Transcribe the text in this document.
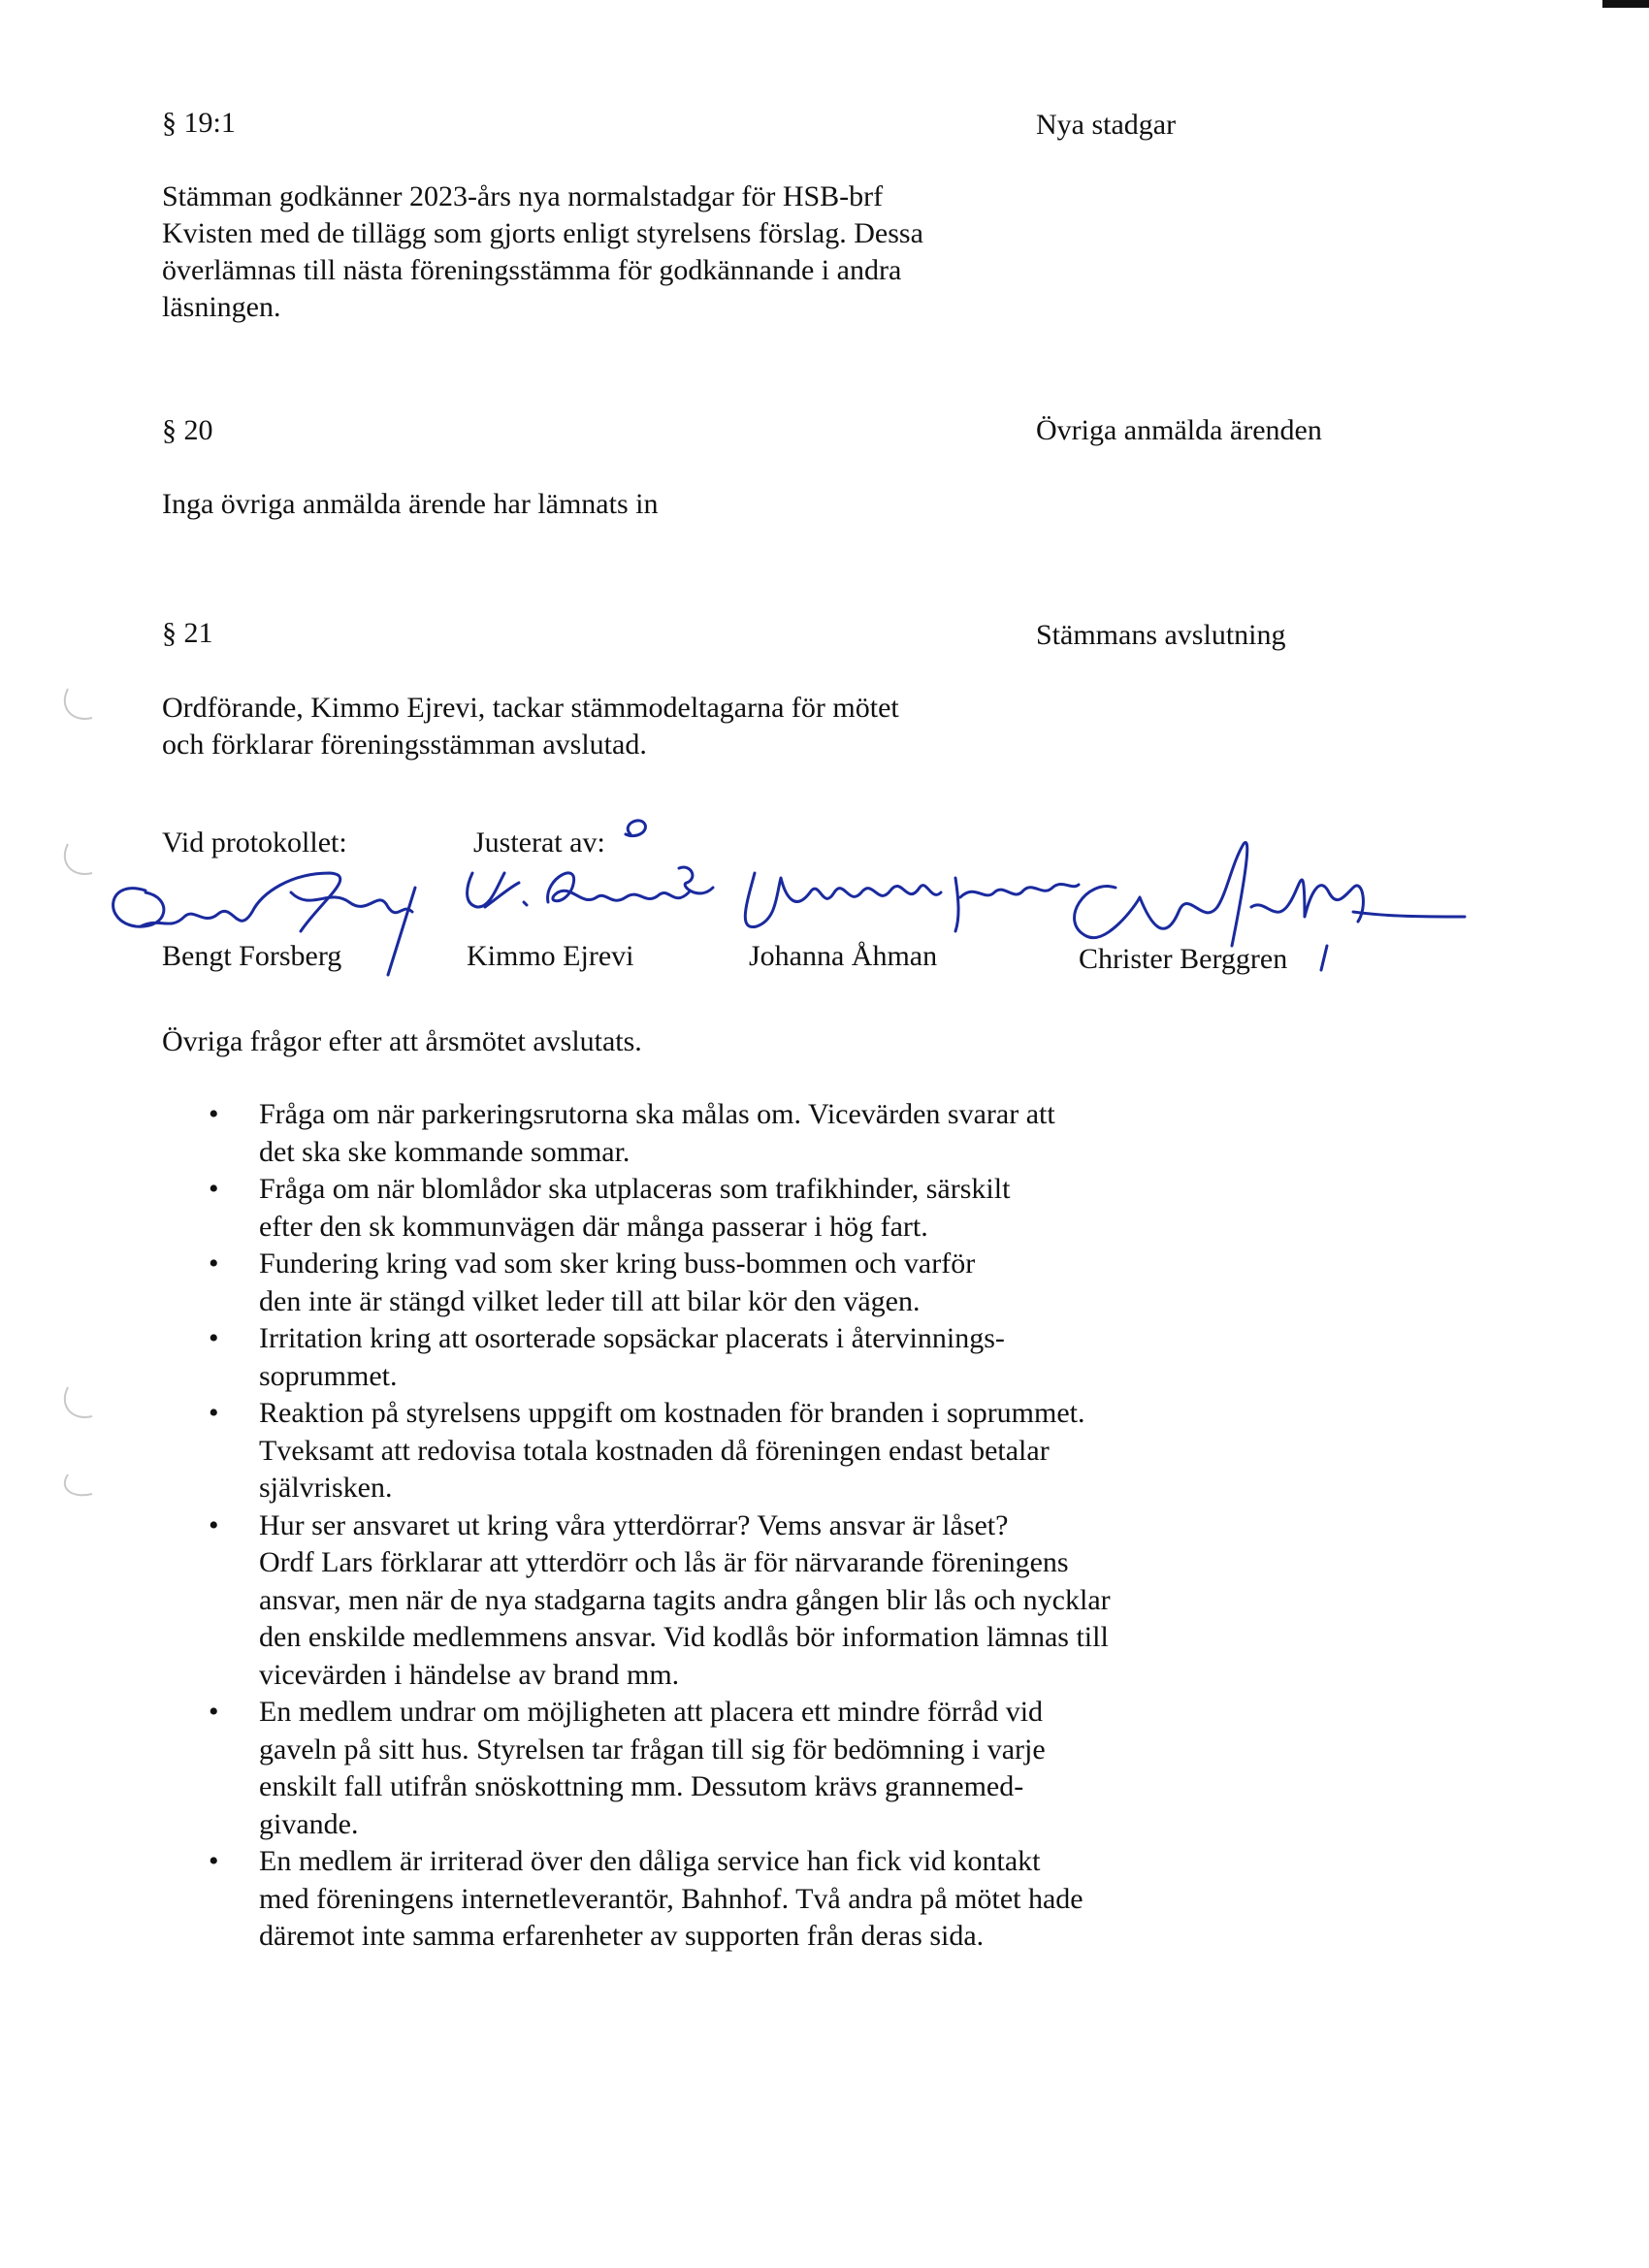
§ 19:1	Nya stadgar
Stämman godkänner 2023-års nya normalstadgar för HSB-brf
Kvisten med de tillägg som gjorts enligt styrelsens förslag. Dessa
överlämnas till nästa föreningsstämma för godkännande i andra
läsningen.
§ 20	Övriga anmälda ärenden
Inga övriga anmälda ärende har lämnats in
§ 21	Stämmans avslutning
Ordförande, Kimmo Ejrevi, tackar stämmodeltagarna för mötet
och förklarar föreningsstämman avslutad.
Vid protokollet:	Justerat av:
Bengt Forsberg	Kimmo Ejrevi	Johanna Åhman	Christer Berggren
Övriga frågor efter att årsmötet avslutats.
• Fråga om när parkeringsrutorna ska målas om. Vicevärden svarar att
det ska ske kommande sommar.
• Fråga om när blomlådor ska utplaceras som trafikhinder, särskilt
efter den sk kommunvägen där många passerar i hög fart.
• Fundering kring vad som sker kring buss-bommen och varför
den inte är stängd vilket leder till att bilar kör den vägen.
• Irritation kring att osorterade sopsäckar placerats i återvinnings-
soprummet.
• Reaktion på styrelsens uppgift om kostnaden för branden i soprummet.
Tveksamt att redovisa totala kostnaden då föreningen endast betalar
självrisken.
• Hur ser ansvaret ut kring våra ytterdörrar? Vems ansvar är låset?
Ordf Lars förklarar att ytterdörr och lås är för närvarande föreningens
ansvar, men när de nya stadgarna tagits andra gången blir lås och nycklar
den enskilde medlemmens ansvar. Vid kodlås bör information lämnas till
vicevärden i händelse av brand mm.
• En medlem undrar om möjligheten att placera ett mindre förråd vid
gaveln på sitt hus. Styrelsen tar frågan till sig för bedömning i varje
enskilt fall utifrån snöskottning mm. Dessutom krävs grannemed-
givande.
• En medlem är irriterad över den dåliga service han fick vid kontakt
med föreningens internetleverantör, Bahnhof. Två andra på mötet hade
däremot inte samma erfarenheter av supporten från deras sida.
